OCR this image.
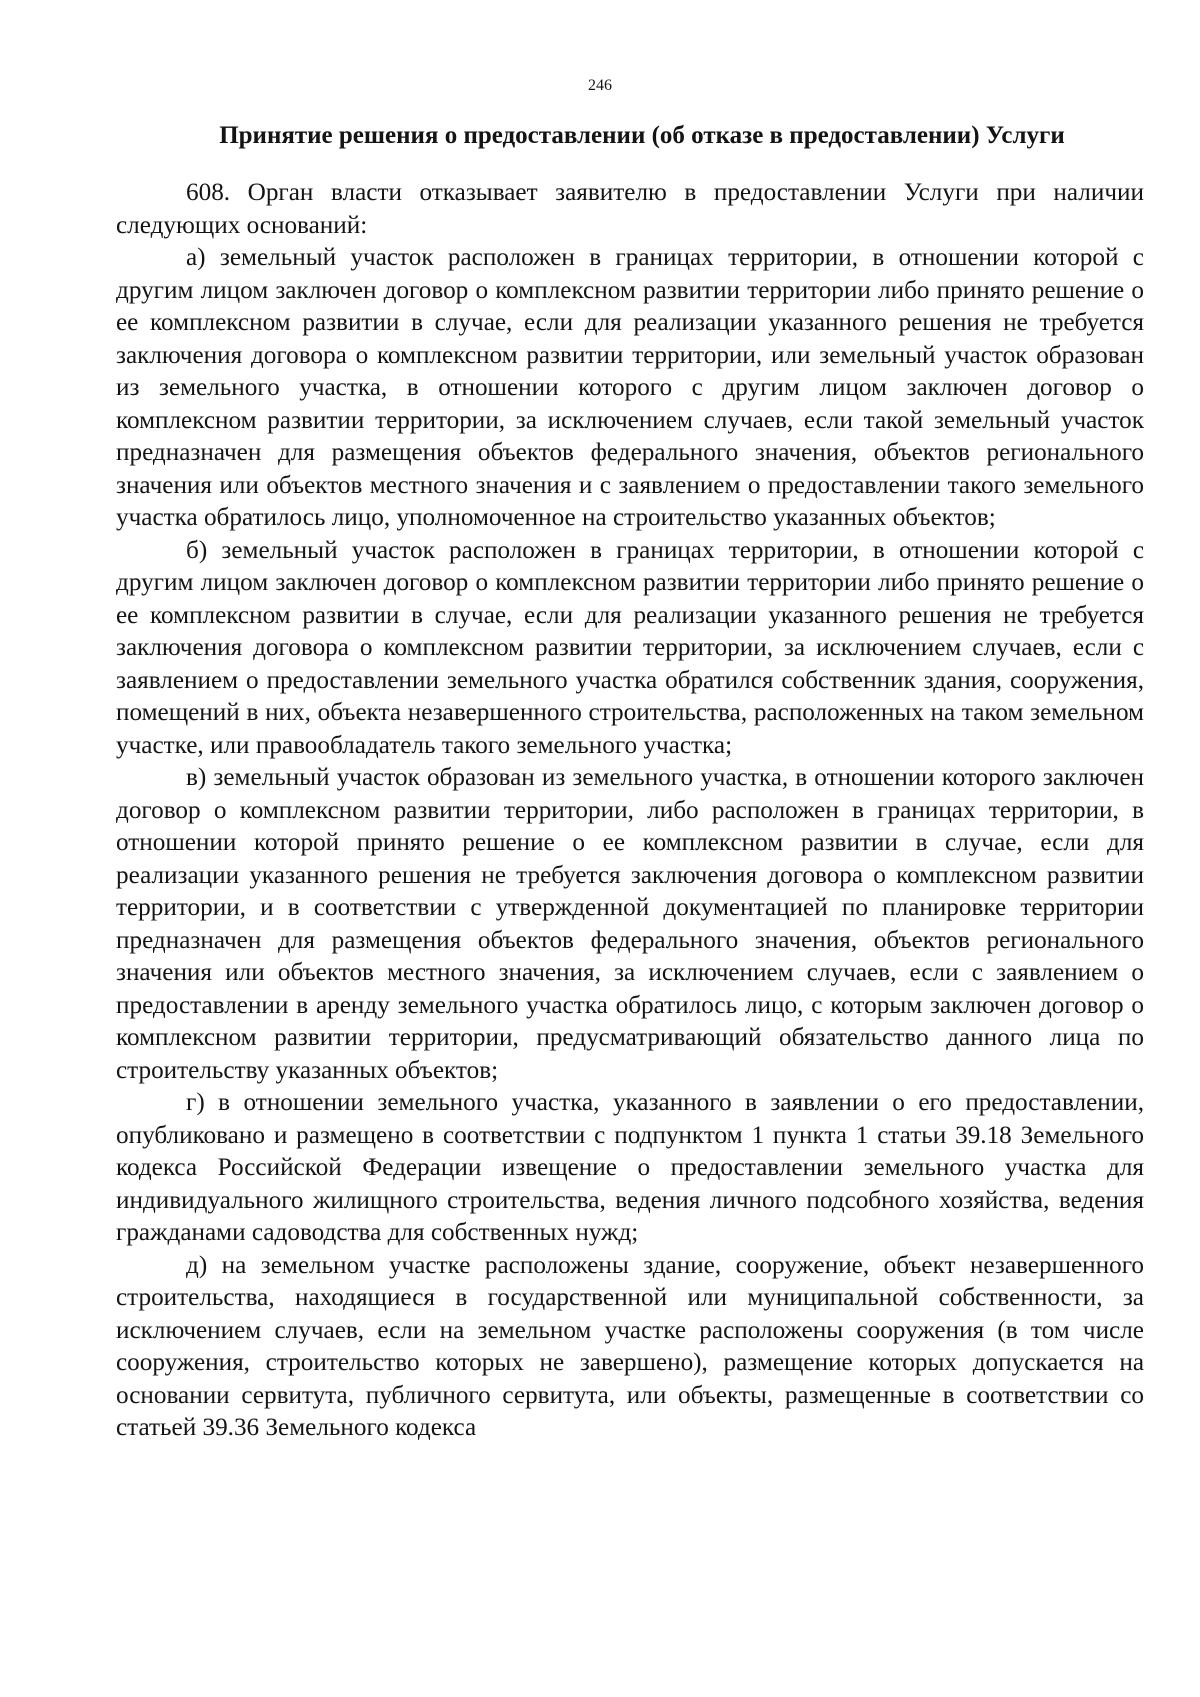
246

Принятие решения о предоставлении (об отказе в предоставлении) Услуги

608. Орган власти отказывает заявителю в предоставлении Услуги при наличии следующих оснований:

а) земельный участок расположен в границах территории, в отношении которой с другим лицом заключен договор о комплексном развитии территории либо принято решение о ее комплексном развитии в случае, если для реализации указанного решения не требуется заключения договора о комплексном развитии территории, или земельный участок образован из земельного участка, в отношении которого с другим лицом заключен договор о комплексном развитии территории, за исключением случаев, если такой земельный участок предназначен для размещения объектов федерального значения, объектов регионального значения или объектов местного значения и с заявлением о предоставлении такого земельного участка обратилось лицо, уполномоченное на строительство указанных объектов;

б) земельный участок расположен в границах территории, в отношении которой с другим лицом заключен договор о комплексном развитии территории либо принято решение о ее комплексном развитии в случае, если для реализации указанного решения не требуется заключения договора о комплексном развитии территории, за исключением случаев, если с заявлением о предоставлении земельного участка обратился собственник здания, сооружения, помещений в них, объекта незавершенного строительства, расположенных на таком земельном участке, или правообладатель такого земельного участка;

в) земельный участок образован из земельного участка, в отношении которого заключен договор о комплексном развитии территории, либо расположен в границах территории, в отношении которой принято решение о ее комплексном развитии в случае, если для реализации указанного решения не требуется заключения договора о комплексном развитии территории, и в соответствии с утвержденной документацией по планировке территории предназначен для размещения объектов федерального значения, объектов регионального значения или объектов местного значения, за исключением случаев, если с заявлением о предоставлении в аренду земельного участка обратилось лицо, с которым заключен договор о комплексном развитии территории, предусматривающий обязательство данного лица по строительству указанных объектов;

г) в отношении земельного участка, указанного в заявлении о его предоставлении, опубликовано и размещено в соответствии с подпунктом 1 пункта 1 статьи 39.18 Земельного кодекса Российской Федерации извещение о предоставлении земельного участка для индивидуального жилищного строительства, ведения личного подсобного хозяйства, ведения гражданами садоводства для собственных нужд;

д) на земельном участке расположены здание, сооружение, объект незавершенного строительства, находящиеся в государственной или муниципальной собственности, за исключением случаев, если на земельном участке расположены сооружения (в том числе сооружения, строительство которых не завершено), размещение которых допускается на основании сервитута, публичного сервитута, или объекты, размещенные в соответствии со статьей 39.36 Земельного кодекса
